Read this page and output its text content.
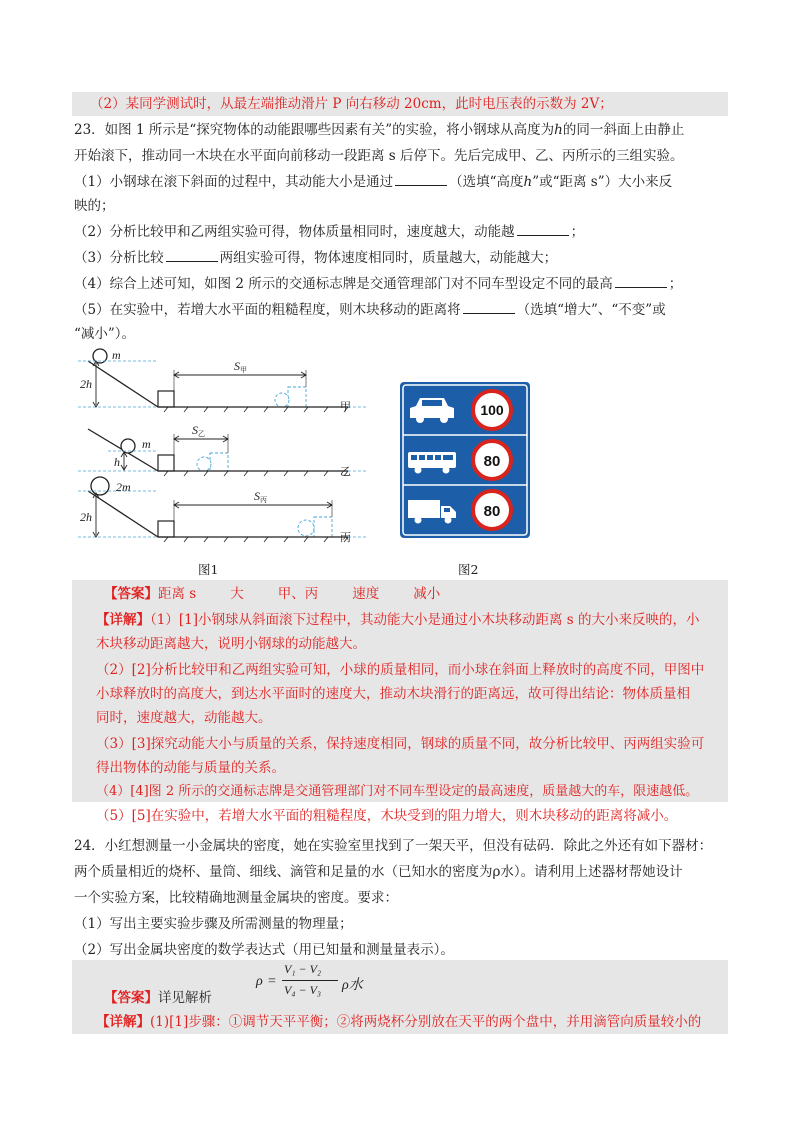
（2）某同学测试时，从最左端推动滑片 P 向右移动 20cm，此时电压表的示数为 2V；
23．如图 1 所示是“探究物体的动能跟哪些因素有关”的实验，将小钢球从高度为ℎ的同一斜面上由静止
开始滚下，推动同一木块在水平面向前移动一段距离 s 后停下。先后完成甲、乙、丙所示的三组实验。
（1）小钢球在滚下斜面的过程中，其动能大小是通过	（选填“高度ℎ”或“距离 s”）大小来反
映的；
（2）分析比较甲和乙两组实验可得，物体质量相同时，速度越大，动能越	；
（3）分析比较	两组实验可得，物体速度相同时，质量越大，动能越大；
（4）综合上述可知，如图 2 所示的交通标志牌是交通管理部门对不同车型设定不同的最高	；
（5）在实验中，若增大水平面的粗糙程度，则木块移动的距离将	（选填“增大”、“不变”或
“减小”）。
2h
m
S甲
甲
h
m
S乙
乙
2h
2m
S丙
丙
图1
100
80
80
图2
【答案】距离 s	大	甲、丙	速度	减小
【详解】（1）[1]小钢球从斜面滚下过程中，其动能大小是通过小木块移动距离 s 的大小来反映的，小
木块移动距离越大，说明小钢球的动能越大。
（2）[2]分析比较甲和乙两组实验可知，小球的质量相同，而小球在斜面上释放时的高度不同，甲图中
小球释放时的高度大，到达水平面时的速度大，推动木块滑行的距离远，故可得出结论：物体质量相
同时，速度越大，动能越大。
（3）[3]探究动能大小与质量的关系，保持速度相同，钢球的质量不同，故分析比较甲、丙两组实验可
得出物体的动能与质量的关系。
（4）[4]图 2 所示的交通标志牌是交通管理部门对不同车型设定的最高速度，质量越大的车，限速越低。
（5）[5]在实验中，若增大水平面的粗糙程度，木块受到的阻力增大，则木块移动的距离将减小。
24．小红想测量一小金属块的密度，她在实验室里找到了一架天平，但没有砝码．除此之外还有如下器材：
两个质量相近的烧杯、量筒、细线、滴管和足量的水（已知水的密度为ρ水）。请利用上述器材帮她设计
一个实验方案，比较精确地测量金属块的密度。要求：
（1）写出主要实验步骤及所需测量的物理量；
（2）写出金属块密度的数学表达式（用已知量和测量量表示）。
ρ =
V₁ − V₂
V₄ − V₃ ρ水
【答案】详见解析
【详解】(1)[1]步骤：①调节天平平衡；②将两烧杯分别放在天平的两个盘中，并用滴管向质量较小的
